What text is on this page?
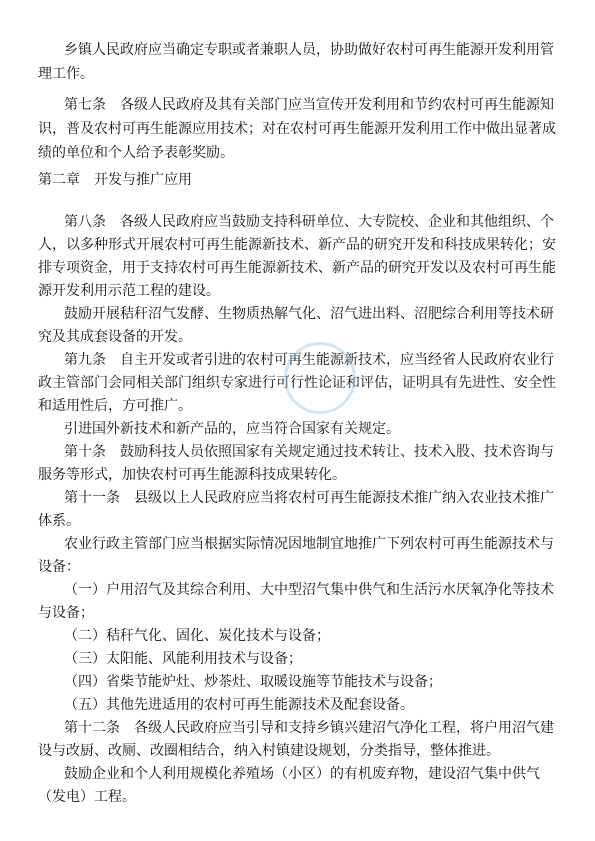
乡镇人民政府应当确定专职或者兼职人员，协助做好农村可再生能源开发利用管
理工作。
第七条　各级人民政府及其有关部门应当宣传开发利用和节约农村可再生能源知
识，普及农村可再生能源应用技术；对在农村可再生能源开发利用工作中做出显著成
绩的单位和个人给予表彰奖励。
第二章　开发与推广应用
第八条　各级人民政府应当鼓励支持科研单位、大专院校、企业和其他组织、个
人，以多种形式开展农村可再生能源新技术、新产品的研究开发和科技成果转化；安
排专项资金，用于支持农村可再生能源新技术、新产品的研究开发以及农村可再生能
源开发利用示范工程的建设。
鼓励开展秸秆沼气发酵、生物质热解气化、沼气进出料、沼肥综合利用等技术研
究及其成套设备的开发。
第九条　自主开发或者引进的农村可再生能源新技术，应当经省人民政府农业行
政主管部门会同相关部门组织专家进行可行性论证和评估，证明具有先进性、安全性
和适用性后，方可推广。
引进国外新技术和新产品的，应当符合国家有关规定。
第十条　鼓励科技人员依照国家有关规定通过技术转让、技术入股、技术咨询与
服务等形式，加快农村可再生能源科技成果转化。
第十一条　县级以上人民政府应当将农村可再生能源技术推广纳入农业技术推广
体系。
农业行政主管部门应当根据实际情况因地制宜地推广下列农村可再生能源技术与
设备：
（一）户用沼气及其综合利用、大中型沼气集中供气和生活污水厌氧净化等技术
与设备；
（二）秸秆气化、固化、炭化技术与设备；
（三）太阳能、风能利用技术与设备；
（四）省柴节能炉灶、炒茶灶、取暖设施等节能技术与设备；
（五）其他先进适用的农村可再生能源技术及配套设备。
第十二条　各级人民政府应当引导和支持乡镇兴建沼气净化工程，将户用沼气建
设与改厨、改厕、改圈相结合，纳入村镇建设规划，分类指导，整体推进。
鼓励企业和个人利用规模化养殖场（小区）的有机废弃物，建设沼气集中供气
（发电）工程。
